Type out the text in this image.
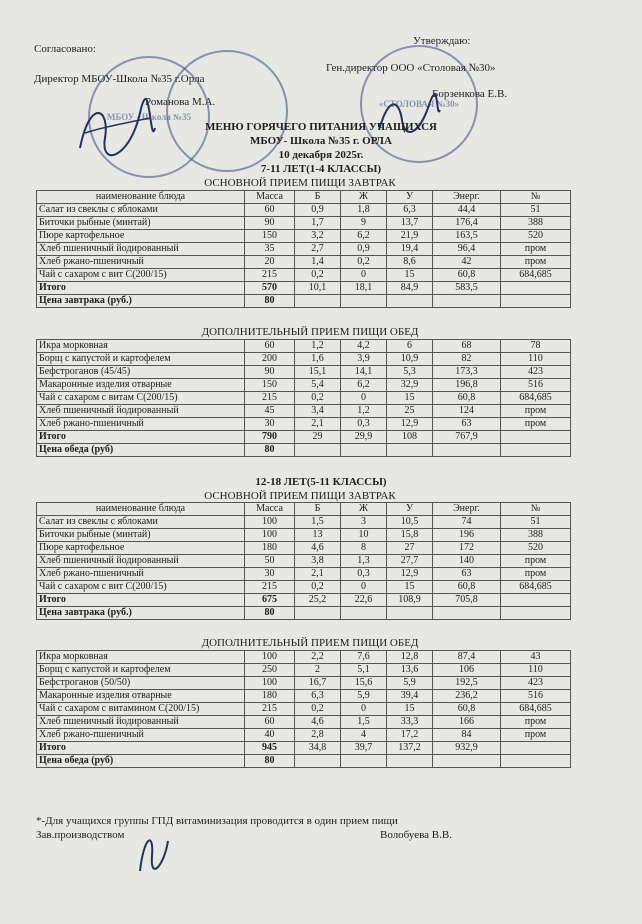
Согласовано:
Утверждаю:
Директор МБОУ-Школа №35 г.Орла
Ген.директор ООО «Столовая №30»
Романова М.А.
Борзенкова Е.В.
МБОУ - Школа №35
«СТОЛОВАЯ №30»
МЕНЮ ГОРЯЧЕГО ПИТАНИЯ УЧАЩИХСЯ
МБОУ- Школа №35 г. ОРЛА
10 декабря 2025г.
7-11 ЛЕТ(1-4 КЛАССЫ)
ОСНОВНОЙ ПРИЕМ ПИЩИ ЗАВТРАК
наименование блюда	Масса	Б	Ж	У	Энерг.	№
Салат из свеклы с яблоками	60	0,9	1,8	6,3	44,4	51
Биточки рыбные (минтай)	90	1,7	9	13,7	176,4	388
Пюре картофельное	150	3,2	6,2	21,9	163,5	520
Хлеб пшеничный йодированный	35	2,7	0,9	19,4	96,4	пром
Хлеб ржано-пшеничный	20	1,4	0,2	8,6	42	пром
Чай с сахаром с вит С(200/15)	215	0,2	0	15	60,8	684,685
Итого	570	10,1	18,1	84,9	583,5	
Цена завтрака (руб.)	80					
ДОПОЛНИТЕЛЬНЫЙ ПРИЕМ ПИЩИ ОБЕД
Икра морковная	60	1,2	4,2	6	68	78
Борщ с капустой и картофелем	200	1,6	3,9	10,9	82	110
Бефстроганов (45/45)	90	15,1	14,1	5,3	173,3	423
Макаронные изделия отварные	150	5,4	6,2	32,9	196,8	516
Чай с сахаром с витам С(200/15)	215	0,2	0	15	60,8	684,685
Хлеб пшеничный йодированный	45	3,4	1,2	25	124	пром
Хлеб ржано-пшеничный	30	2,1	0,3	12,9	63	пром
Итого	790	29	29,9	108	767,9	
Цена обеда (руб)	80					
12-18 ЛЕТ(5-11 КЛАССЫ)
ОСНОВНОЙ ПРИЕМ ПИЩИ ЗАВТРАК
наименование блюда	Масса	Б	Ж	У	Энерг.	№
Салат из свеклы с яблоками	100	1,5	3	10,5	74	51
Биточки рыбные (минтай)	100	13	10	15,8	196	388
Пюре картофельное	180	4,6	8	27	172	520
Хлеб пшеничный йодированный	50	3,8	1,3	27,7	140	пром
Хлеб ржано-пшеничный	30	2,1	0,3	12,9	63	пром
Чай с сахаром с вит С(200/15)	215	0,2	0	15	60,8	684,685
Итого	675	25,2	22,6	108,9	705,8	
Цена завтрака (руб.)	80					
ДОПОЛНИТЕЛЬНЫЙ ПРИЕМ ПИЩИ ОБЕД
Икра морковная	100	2,2	7,6	12,8	87,4	43
Борщ с капустой и картофелем	250	2	5,1	13,6	106	110
Бефстроганов (50/50)	100	16,7	15,6	5,9	192,5	423
Макаронные изделия отварные	180	6,3	5,9	39,4	236,2	516
Чай с сахаром с витамином С(200/15)	215	0,2	0	15	60,8	684,685
Хлеб пшеничный йодированный	60	4,6	1,5	33,3	166	пром
Хлеб ржано-пшеничный	40	2,8	4	17,2	84	пром
Итого	945	34,8	39,7	137,2	932,9	
Цена обеда (руб)	80					
*-Для учащихся группы ГПД витаминизация проводится в один прием пищи
Зав.производством	Волобуева В.В.
